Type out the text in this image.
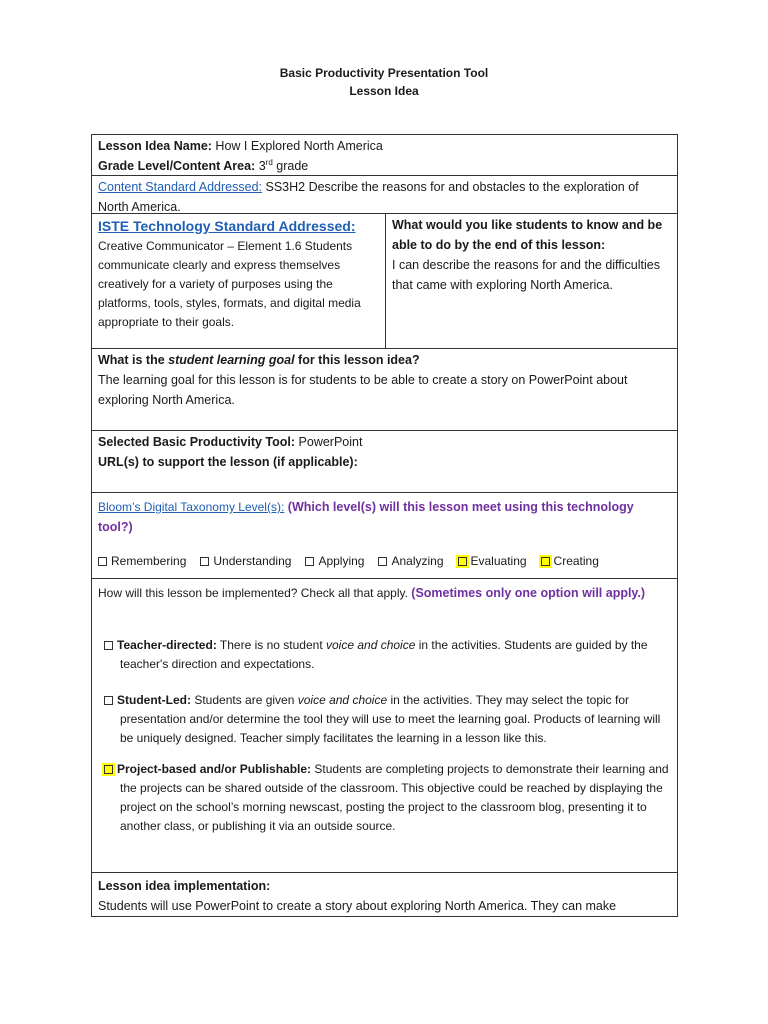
Basic Productivity Presentation Tool
Lesson Idea
Lesson Idea Name: How I Explored North America
Grade Level/Content Area: 3rd grade
Content Standard Addressed: SS3H2 Describe the reasons for and obstacles to the exploration of North America.
ISTE Technology Standard Addressed:
Creative Communicator – Element 1.6 Students communicate clearly and express themselves creatively for a variety of purposes using the platforms, tools, styles, formats, and digital media appropriate to their goals.
What would you like students to know and be able to do by the end of this lesson:
I can describe the reasons for and the difficulties that came with exploring North America.
What is the student learning goal for this lesson idea?
The learning goal for this lesson is for students to be able to create a story on PowerPoint about exploring North America.
Selected Basic Productivity Tool: PowerPoint
URL(s) to support the lesson (if applicable):
Bloom’s Digital Taxonomy Level(s): (Which level(s) will this lesson meet using this technology tool?)
Remembering	Understanding	Applying	Analyzing	Evaluating	Creating
How will this lesson be implemented? Check all that apply. (Sometimes only one option will apply.)
Teacher-directed: There is no student voice and choice in the activities. Students are guided by the teacher's direction and expectations.
Student-Led: Students are given voice and choice in the activities. They may select the topic for presentation and/or determine the tool they will use to meet the learning goal. Products of learning will be uniquely designed. Teacher simply facilitates the learning in a lesson like this.
Project-based and/or Publishable: Students are completing projects to demonstrate their learning and the projects can be shared outside of the classroom. This objective could be reached by displaying the project on the school’s morning newscast, posting the project to the classroom blog, presenting it to another class, or publishing it via an outside source.
Lesson idea implementation:
Students will use PowerPoint to create a story about exploring North America. They can make
